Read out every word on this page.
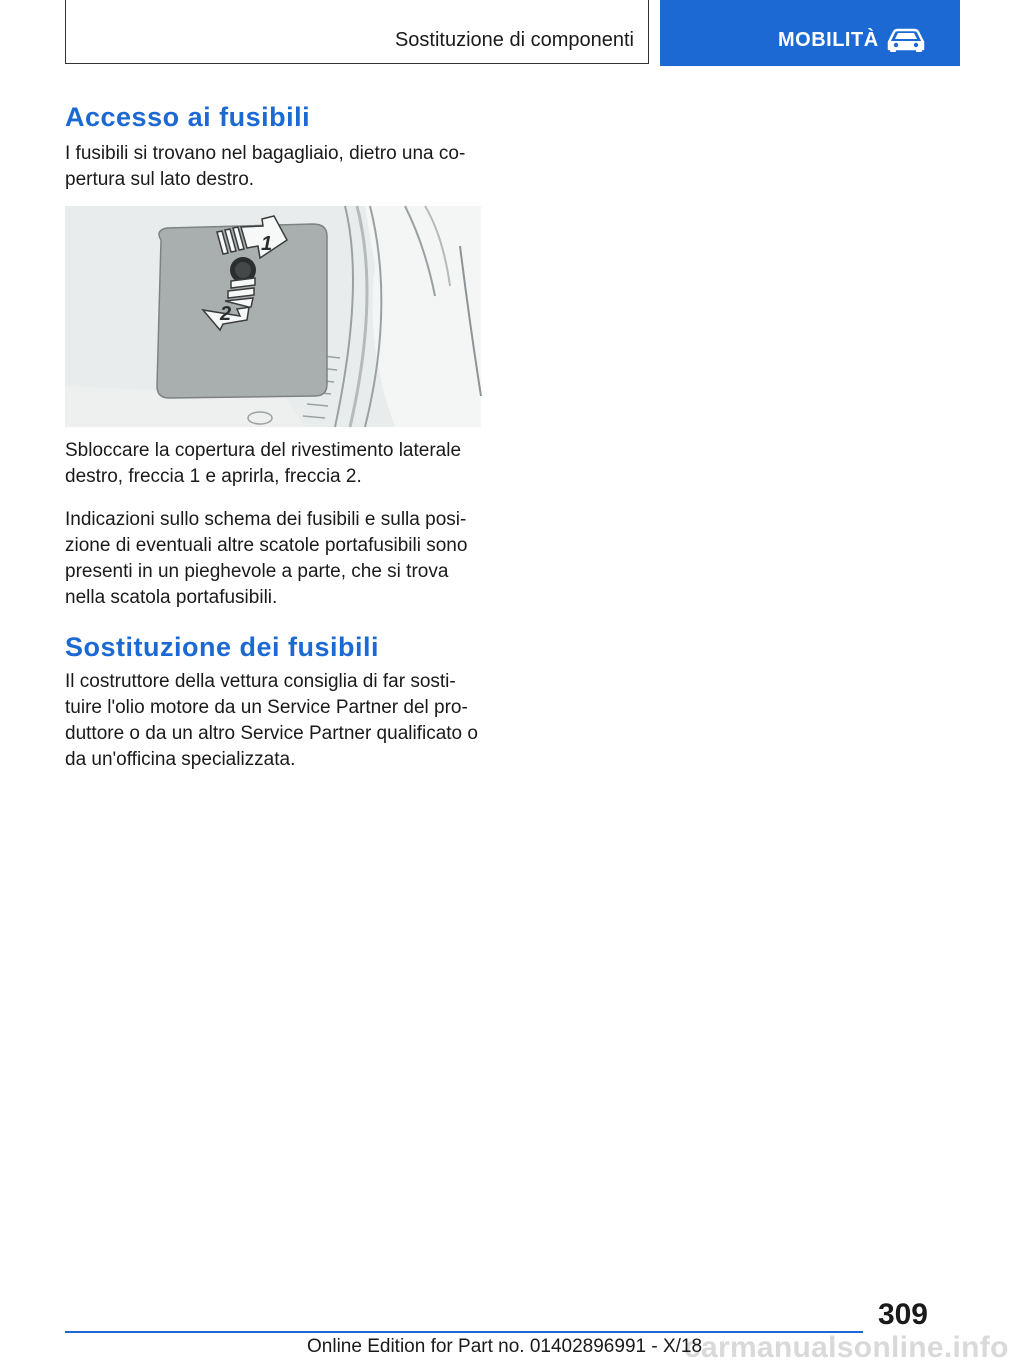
Sostituzione di componenti	MOBILITÀ
Accesso ai fusibili

I fusibili si trovano nel bagagliaio, dietro una co-
pertura sul lato destro.

1
2

Sbloccare la copertura del rivestimento laterale
destro, freccia 1 e aprirla, freccia 2.

Indicazioni sullo schema dei fusibili e sulla posi-
zione di eventuali altre scatole portafusibili sono
presenti in un pieghevole a parte, che si trova
nella scatola portafusibili.

Sostituzione dei fusibili

Il costruttore della vettura consiglia di far sosti-
tuire l'olio motore da un Service Partner del pro-
duttore o da un altro Service Partner qualificato o
da un'officina specializzata.

309
carmanualsonline.info
Online Edition for Part no. 01402896991 - X/18
